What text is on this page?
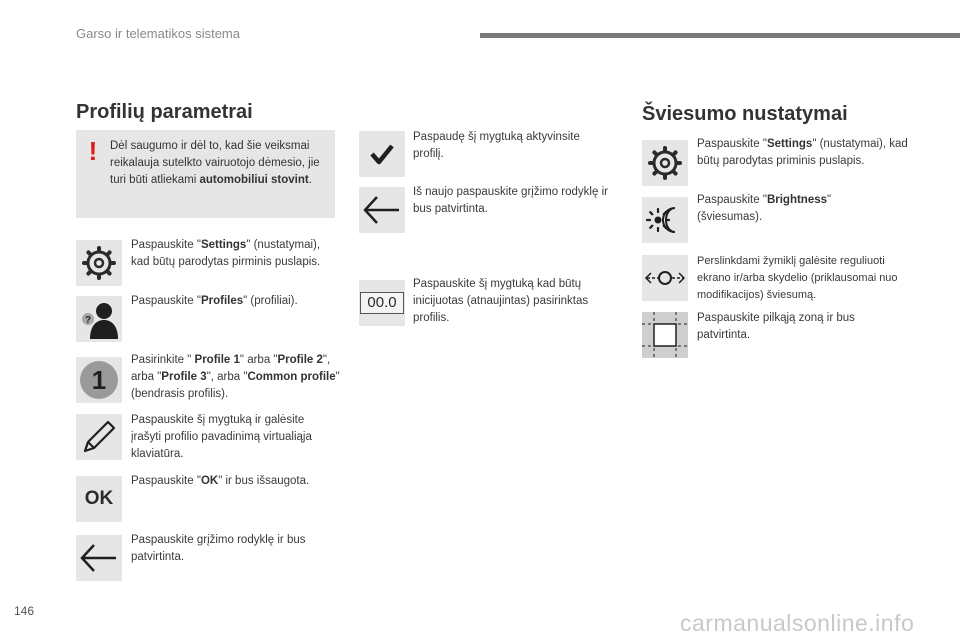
Garso ir telematikos sistema
Profilių parametrai
! Dėl saugumo ir dėl to, kad šie veiksmai reikalauja sutelkto vairuotojo dėmesio, jie turi būti atliekami automobiliui stovint.
Paspauskite "Settings" (nustatymai), kad būtų parodytas pirminis puslapis.
?
Paspauskite "Profiles" (profiliai).
1
Pasirinkite " Profile 1" arba "Profile 2", arba "Profile 3", arba "Common profile" (bendrasis profilis).
Paspauskite šį mygtuką ir galėsite įrašyti profilio pavadinimą virtualiąja klaviatūra.
OK
Paspauskite "OK" ir bus išsaugota.
Paspauskite grįžimo rodyklę ir bus patvirtinta.
Paspaudę šį mygtuką aktyvinsite profilį.
Iš naujo paspauskite grįžimo rodyklę ir bus patvirtinta.
00.0
Paspauskite šį mygtuką kad būtų inicijuotas (atnaujintas) pasirinktas profilis.
Šviesumo nustatymai
Paspauskite "Settings" (nustatymai), kad būtų parodytas priminis puslapis.
Paspauskite "Brightness" (šviesumas).
Perslinkdami žymiklį galėsite reguliuoti ekrano ir/arba skydelio (priklausomai nuo modifikacijos) šviesumą.
Paspauskite pilkąją zoną ir bus patvirtinta.
146	carmanualsonline.info
